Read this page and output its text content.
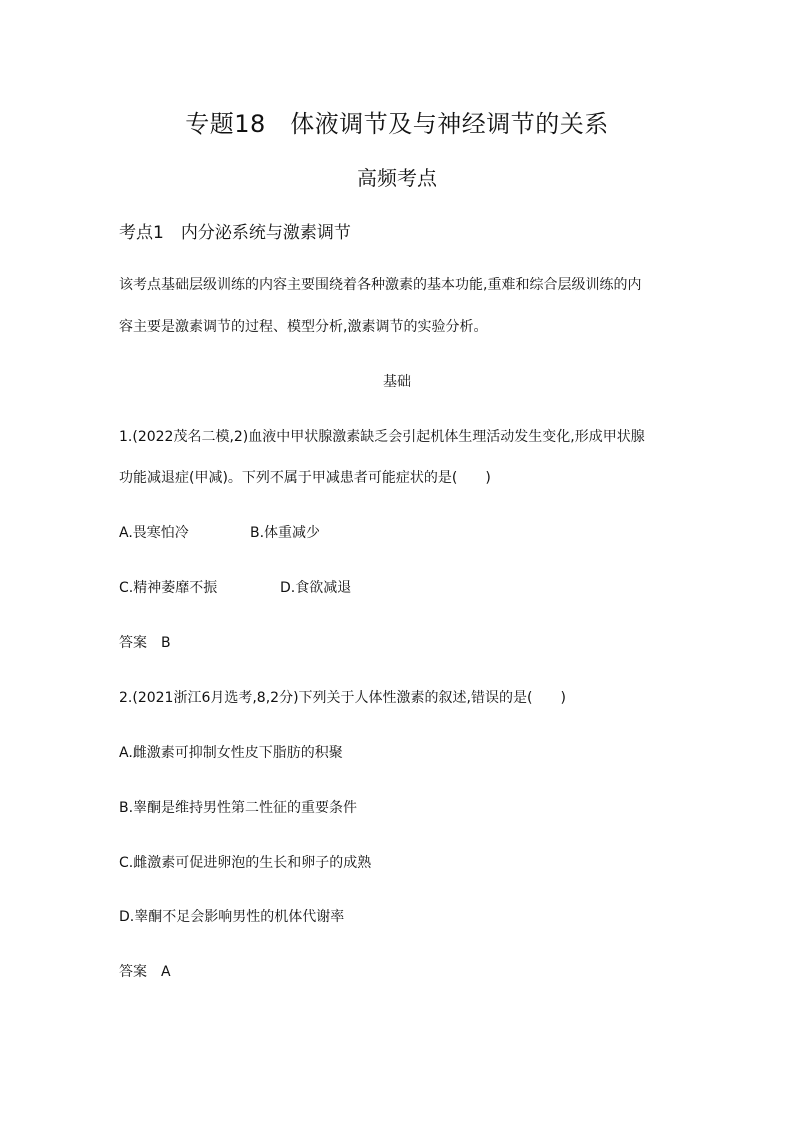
专题18　体液调节及与神经调节的关系
高频考点
考点1　内分泌系统与激素调节
该考点基础层级训练的内容主要围绕着各种激素的基本功能,重难和综合层级训练的内
容主要是激素调节的过程、模型分析,激素调节的实验分析。
基础
1.(2022茂名二模,2)血液中甲状腺激素缺乏会引起机体生理活动发生变化,形成甲状腺
功能减退症(甲减)。下列不属于甲减患者可能症状的是(　　)
A.畏寒怕冷	B.体重减少
C.精神萎靡不振	D.食欲减退
答案　B
2.(2021浙江6月选考,8,2分)下列关于人体性激素的叙述,错误的是(　　)
A.雌激素可抑制女性皮下脂肪的积聚
B.睾酮是维持男性第二性征的重要条件
C.雌激素可促进卵泡的生长和卵子的成熟
D.睾酮不足会影响男性的机体代谢率
答案　A
